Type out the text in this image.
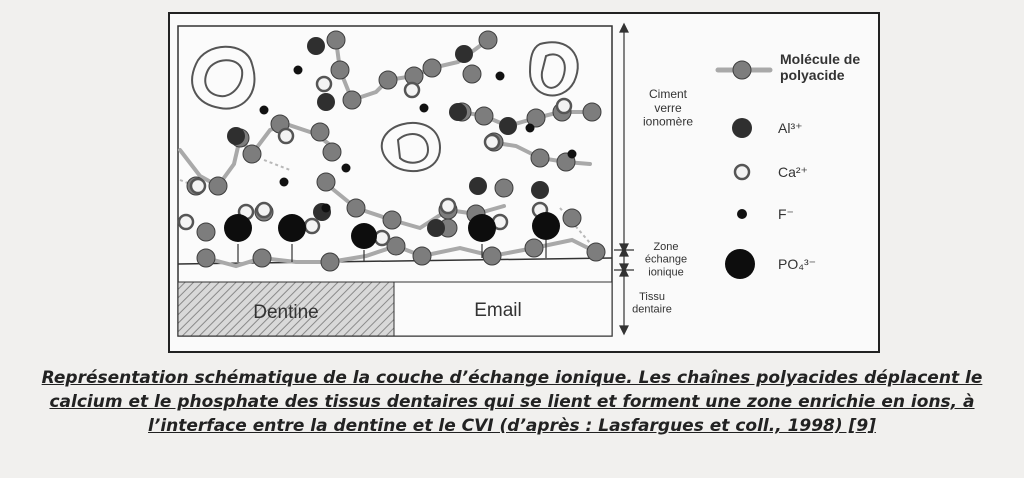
Dentine	Email
Ciment verre ionomère
Zone échange ionique
Tissu dentaire
Molécule de polyacide
Al³⁺
Ca²⁺
F⁻
PO₄³⁻
Représentation schématique de la couche d’échange ionique. Les chaînes polyacides déplacent le
calcium et le phosphate des tissus dentaires qui se lient et forment une zone enrichie en ions, à
l’interface entre la dentine et le CVI (d’après : Lasfargues et coll., 1998) [9]
